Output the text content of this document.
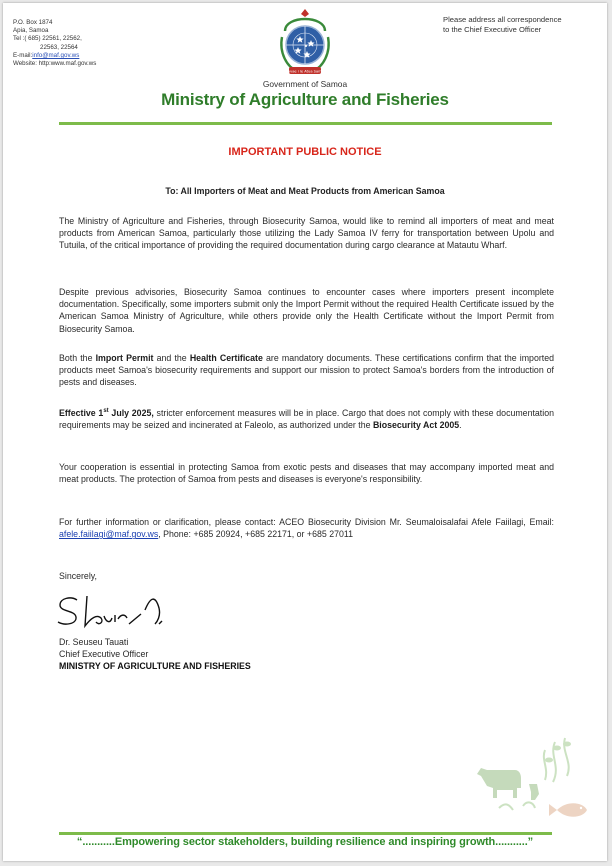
P.O. Box 1874
Apia, Samoa
Tel :( 685) 22561, 22562,
22563, 22564
E-mail:info@maf.gov.ws
Website: http:www.maf.gov.ws
Please address all correspondence
to the Chief Executive Officer
Faavae i le Atua Samoa
Government of Samoa
Ministry of Agriculture and Fisheries
IMPORTANT PUBLIC NOTICE
To: All Importers of Meat and Meat Products from American Samoa

The Ministry of Agriculture and Fisheries, through Biosecurity Samoa, would like to remind all importers of meat and meat products from American Samoa, particularly those utilizing the Lady Samoa IV ferry for transportation between Upolu and Tutuila, of the critical importance of providing the required documentation during cargo clearance at Matautu Wharf.

Despite previous advisories, Biosecurity Samoa continues to encounter cases where importers present incomplete documentation. Specifically, some importers submit only the Import Permit without the required Health Certificate issued by the American Samoa Ministry of Agriculture, while others provide only the Health Certificate without the Import Permit from Biosecurity Samoa.

Both the Import Permit and the Health Certificate are mandatory documents. These certifications confirm that the imported products meet Samoa's biosecurity requirements and support our mission to protect Samoa's borders from the introduction of pests and diseases.

Effective 1st July 2025, stricter enforcement measures will be in place. Cargo that does not comply with these documentation requirements may be seized and incinerated at Faleolo, as authorized under the Biosecurity Act 2005.

Your cooperation is essential in protecting Samoa from exotic pests and diseases that may accompany imported meat and meat products. The protection of Samoa from pests and diseases is everyone's responsibility.

For further information or clarification, please contact: ACEO Biosecurity Division Mr. Seumaloisalafai Afele Faiilagi, Email: afele.faiilagi@maf.gov.ws, Phone: +685 20924, +685 22171, or +685 27011

Sincerely,
Dr. Seuseu Tauati
Chief Executive Officer
MINISTRY OF AGRICULTURE AND FISHERIES
“...........Empowering sector stakeholders, building resilience and inspiring growth...........”
